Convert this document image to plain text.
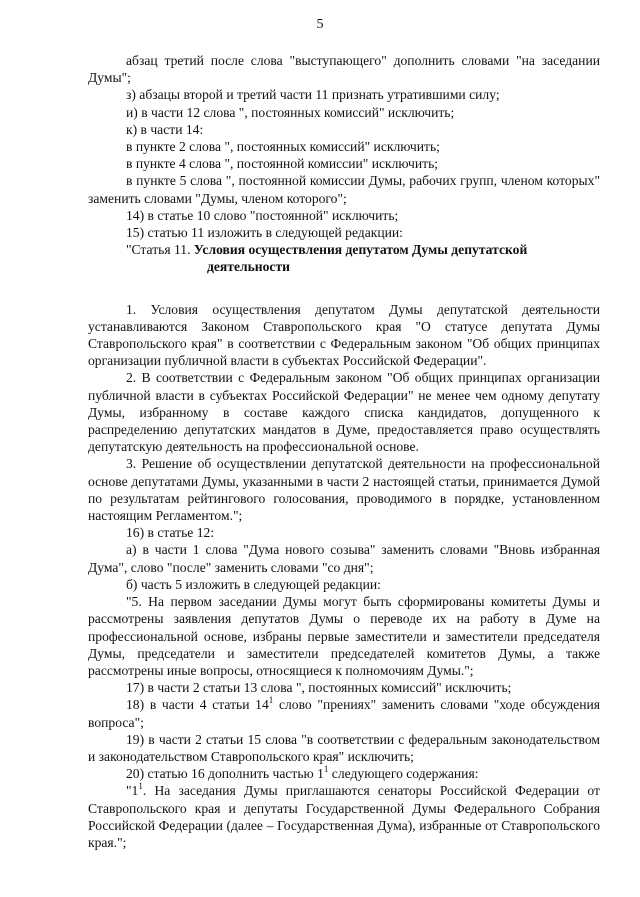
5

абзац третий после слова "выступающего" дополнить словами "на заседании Думы";

з) абзацы второй и третий части 11 признать утратившими силу;

и) в части 12 слова ", постоянных комиссий" исключить;

к) в части 14:

в пункте 2 слова ", постоянных комиссий" исключить;

в пункте 4 слова ", постоянной комиссии" исключить;

в пункте 5 слова ", постоянной комиссии Думы, рабочих групп, членом которых" заменить словами "Думы, членом которого";

14) в статье 10 слово "постоянной" исключить;

15) статью 11 изложить в следующей редакции:

"Статья 11. Условия осуществления депутатом Думы депутатской
деятельности

1. Условия осуществления депутатом Думы депутатской деятельности устанавливаются Законом Ставропольского края "О статусе депутата Думы Ставропольского края" в соответствии с Федеральным законом "Об общих принципах организации публичной власти в субъектах Российской Федерации".

2. В соответствии с Федеральным законом "Об общих принципах организации публичной власти в субъектах Российской Федерации" не менее чем одному депутату Думы, избранному в составе каждого списка кандидатов, допущенного к распределению депутатских мандатов в Думе, предоставляется право осуществлять депутатскую деятельность на профессиональной основе.

3. Решение об осуществлении депутатской деятельности на профессиональной основе депутатами Думы, указанными в части 2 настоящей статьи, принимается Думой по результатам рейтингового голосования, проводимого в порядке, установленном настоящим Регламентом.";

16) в статье 12:

а) в части 1 слова "Дума нового созыва" заменить словами "Вновь избранная Дума", слово "после" заменить словами "со дня";

б) часть 5 изложить в следующей редакции:

"5. На первом заседании Думы могут быть сформированы комитеты Думы и рассмотрены заявления депутатов Думы о переводе их на работу в Думе на профессиональной основе, избраны первые заместители и заместители председателя Думы, председатели и заместители председателей комитетов Думы, а также рассмотрены иные вопросы, относящиеся к полномочиям Думы.";

17) в части 2 статьи 13 слова ", постоянных комиссий" исключить;

18) в части 4 статьи $14^1$ слово "прениях" заменить словами "ходе обсуждения вопроса";

19) в части 2 статьи 15 слова "в соответствии с федеральным законодательством и законодательством Ставропольского края" исключить;

20) статью 16 дополнить частью $1^1$ следующего содержания:

"$1^1$. На заседания Думы приглашаются сенаторы Российской Федерации от Ставропольского края и депутаты Государственной Думы Федерального Собрания Российской Федерации (далее – Государственная Дума), избранные от Ставропольского края.";
